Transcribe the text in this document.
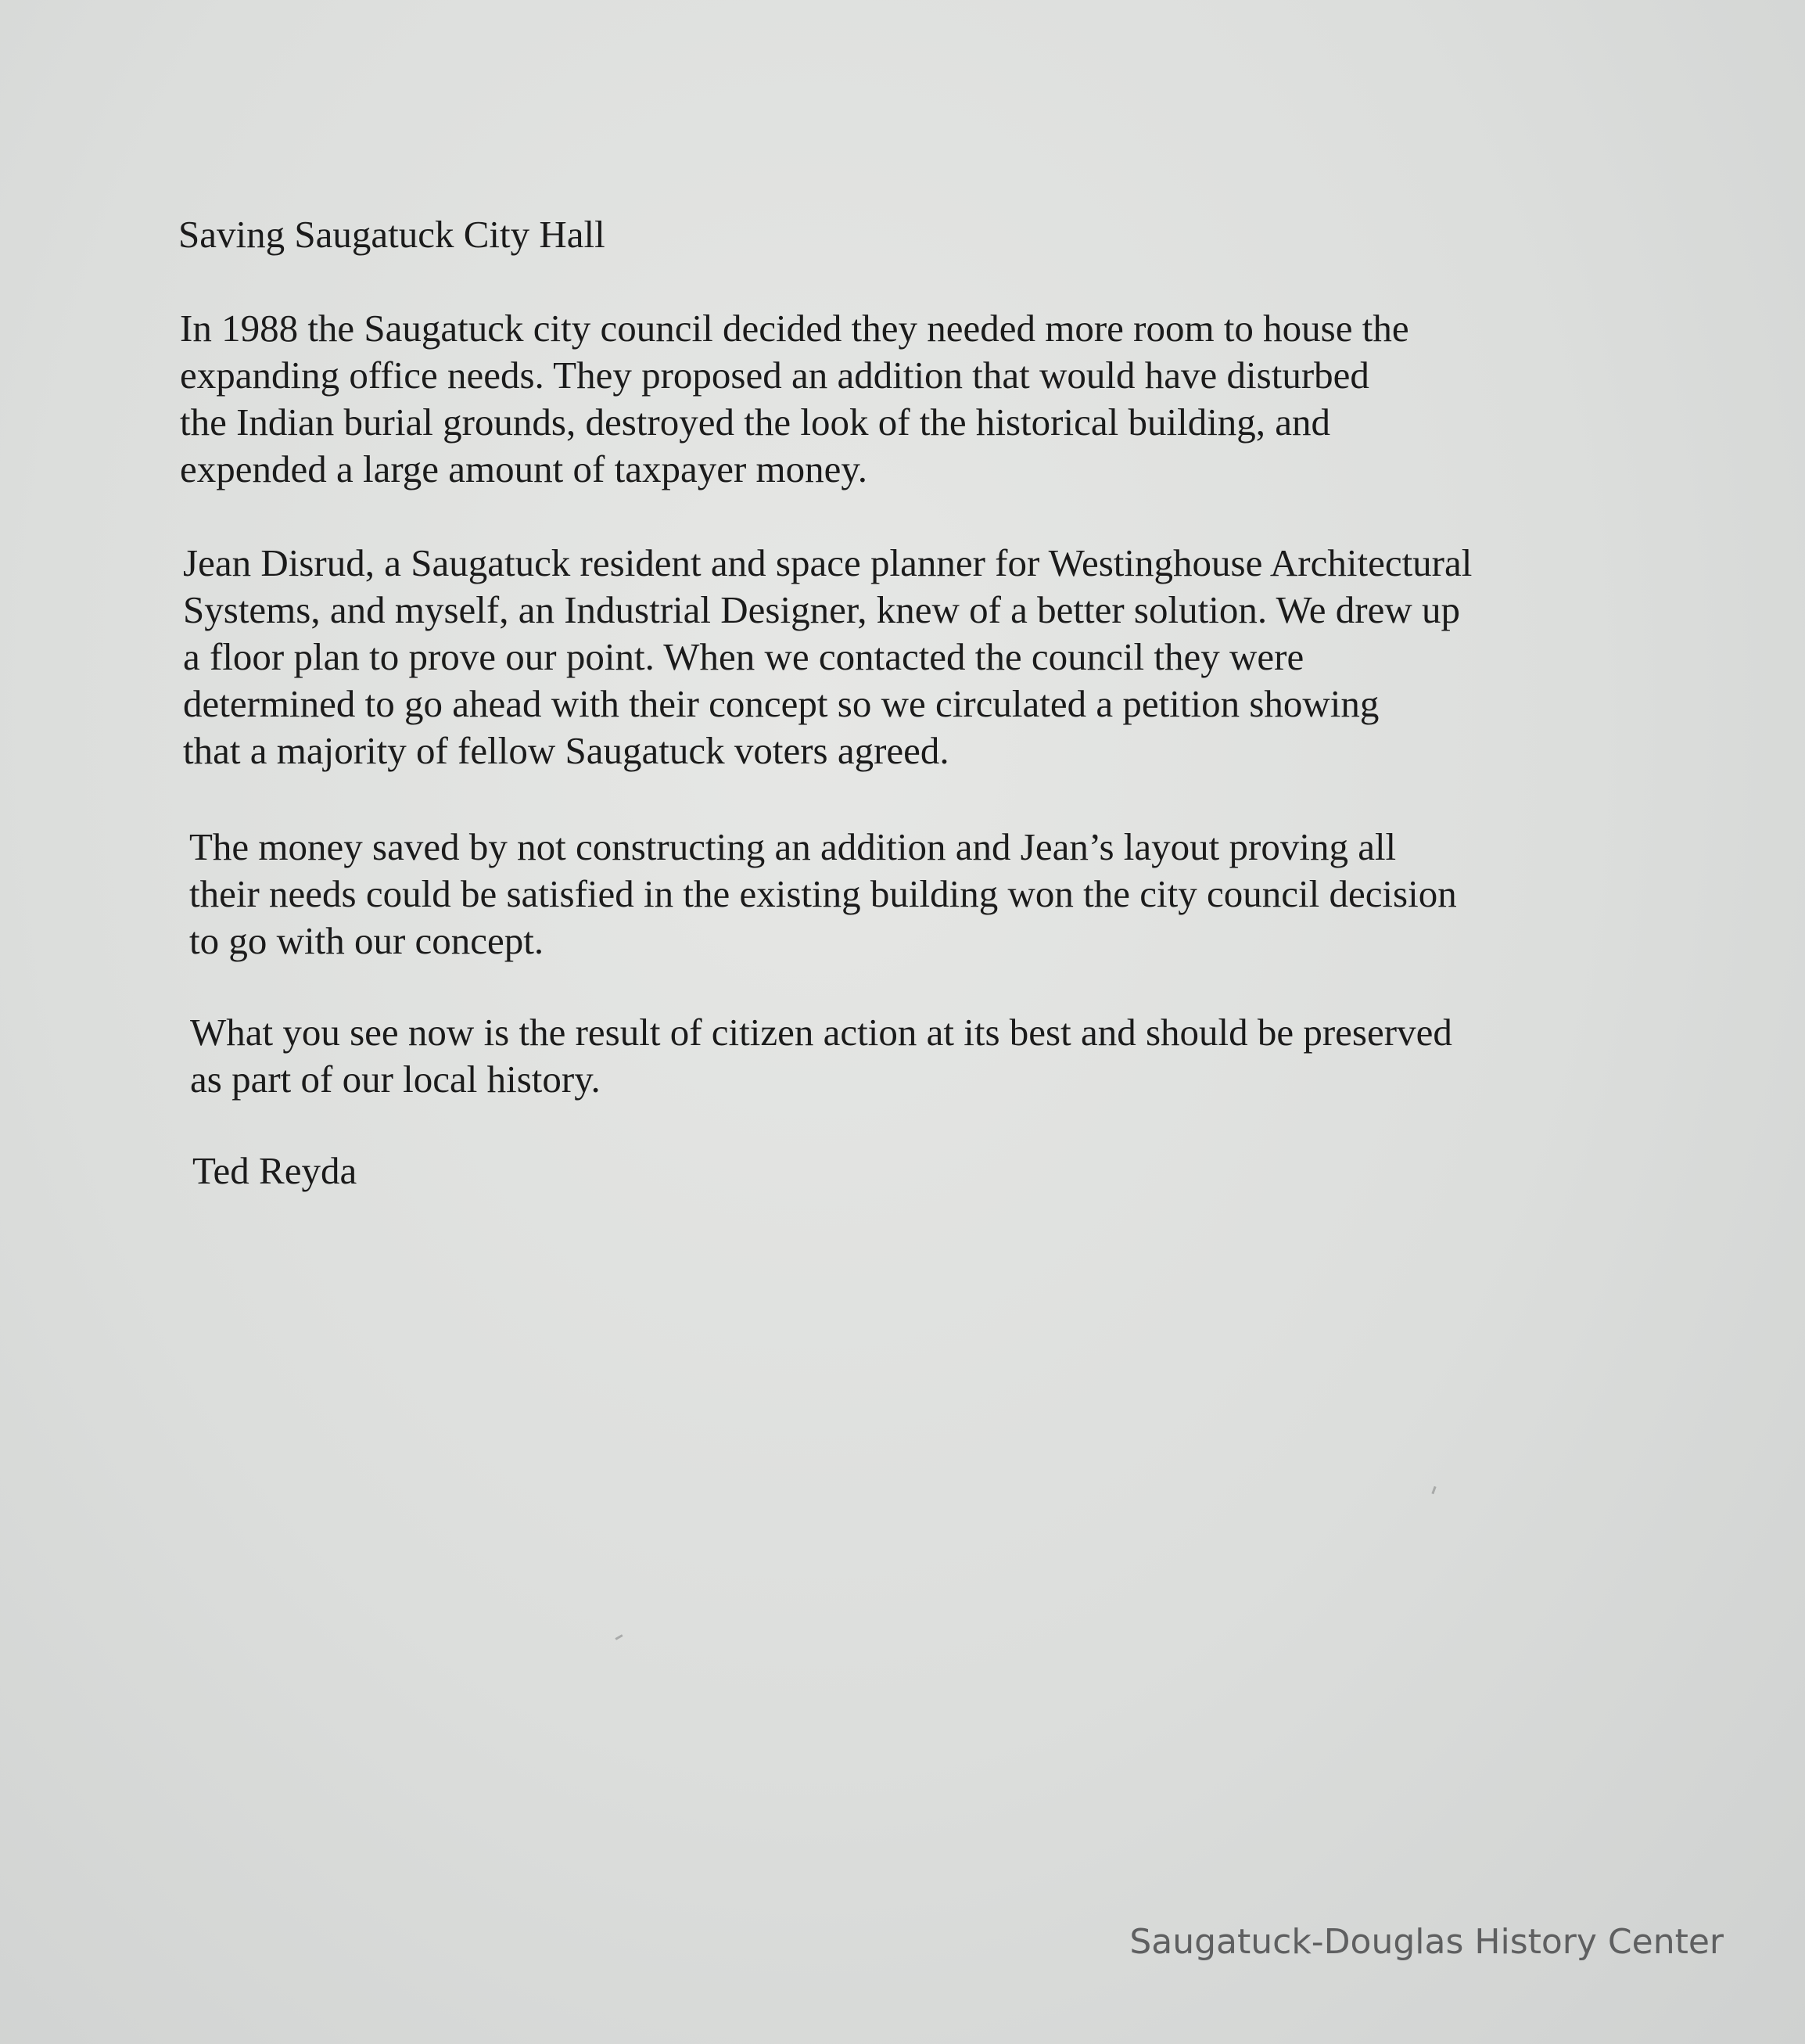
Saving Saugatuck City Hall

In 1988 the Saugatuck city council decided they needed more room to house the
expanding office needs. They proposed an addition that would have disturbed
the Indian burial grounds, destroyed the look of the historical building, and
expended a large amount of taxpayer money.

Jean Disrud, a Saugatuck resident and space planner for Westinghouse Architectural
Systems, and myself, an Industrial Designer, knew of a better solution. We drew up
a floor plan to prove our point. When we contacted the council they were
determined to go ahead with their concept so we circulated a petition showing
that a majority of fellow Saugatuck voters agreed.

The money saved by not constructing an addition and Jean’s layout proving all
their needs could be satisfied in the existing building won the city council decision
to go with our concept.

What you see now is the result of citizen action at its best and should be preserved
as part of our local history.

Ted Reyda

Saugatuck-Douglas History Center
